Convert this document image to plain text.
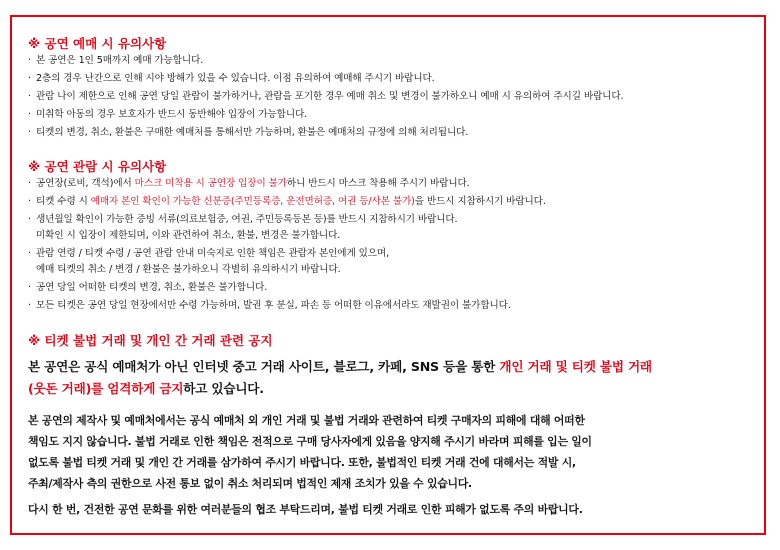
※ 공연 예매 시 유의사항
· 본 공연은 1인 5매까지 예매 가능합니다.
· 2층의 경우 난간으로 인해 시야 방해가 있을 수 있습니다. 이점 유의하여 예매해 주시기 바랍니다.
· 관람 나이 제한으로 인해 공연 당일 관람이 불가하거나, 관람을 포기한 경우 예매 취소 및 변경이 불가하오니 예매 시 유의하여 주시길 바랍니다.
· 미취학 아동의 경우 보호자가 반드시 동반해야 입장이 가능합니다.
· 티켓의 변경, 취소, 환불은 구매한 예매처를 통해서만 가능하며, 환불은 예매처의 규정에 의해 처리됩니다.
※ 공연 관람 시 유의사항
· 공연장(로비, 객석)에서 마스크 미착용 시 공연장 입장이 불가하니 반드시 마스크 착용해 주시기 바랍니다.
· 티켓 수령 시 예매자 본인 확인이 가능한 신분증(주민등록증, 운전면허증, 여권 등/사본 불가)을 반드시 지참하시기 바랍니다.
· 생년월일 확인이 가능한 증빙 서류(의료보험증, 여권, 주민등록등본 등)를 반드시 지참하시기 바랍니다.
미확인 시 입장이 제한되며, 이와 관련하여 취소, 환불, 변경은 불가합니다.
· 관람 연령 / 티켓 수령 / 공연 관람 안내 미숙지로 인한 책임은 관람자 본인에게 있으며,
예매 티켓의 취소 / 변경 / 환불은 불가하오니 각별히 유의하시기 바랍니다.
· 공연 당일 어떠한 티켓의 변경, 취소, 환불은 불가합니다.
· 모든 티켓은 공연 당일 현장에서만 수령 가능하며, 발권 후 분실, 파손 등 어떠한 이유에서라도 재발권이 불가합니다.
※ 티켓 불법 거래 및 개인 간 거래 관련 공지
본 공연은 공식 예매처가 아닌 인터넷 중고 거래 사이트, 블로그, 카페, SNS 등을 통한 개인 거래 및 티켓 불법 거래
(웃돈 거래)를 엄격하게 금지하고 있습니다.
본 공연의 제작사 및 예매처에서는 공식 예매처 외 개인 거래 및 불법 거래와 관련하여 티켓 구매자의 피해에 대해 어떠한
책임도 지지 않습니다. 불법 거래로 인한 책임은 전적으로 구매 당사자에게 있음을 양지해 주시기 바라며 피해를 입는 일이
없도록 불법 티켓 거래 및 개인 간 거래를 삼가하여 주시기 바랍니다. 또한, 불법적인 티켓 거래 건에 대해서는 적발 시,
주최/제작사 측의 권한으로 사전 통보 없이 취소 처리되며 법적인 제재 조치가 있을 수 있습니다.
다시 한 번, 건전한 공연 문화를 위한 여러분들의 협조 부탁드리며, 불법 티켓 거래로 인한 피해가 없도록 주의 바랍니다.
